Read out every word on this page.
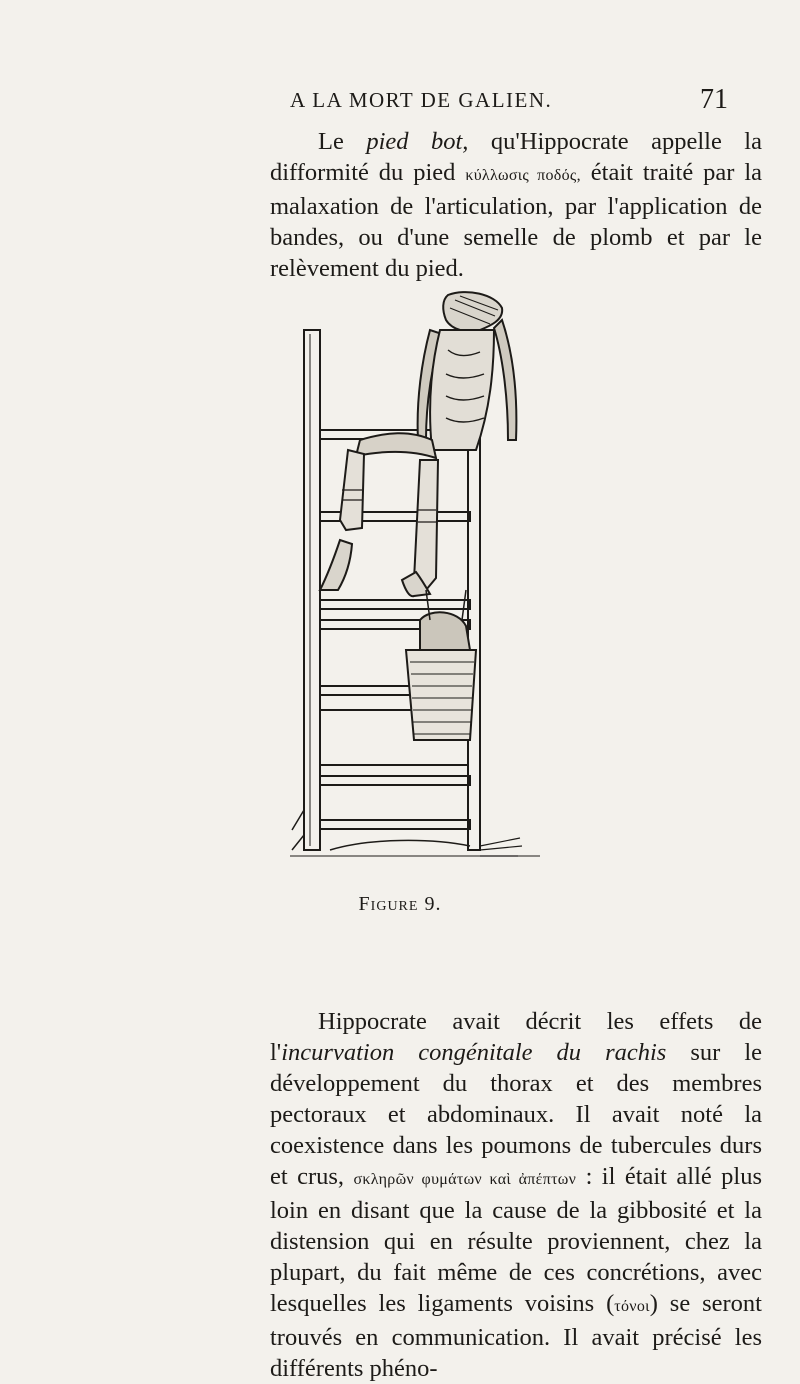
A LA MORT DE GALIEN.	71

Le pied bot, qu'Hippocrate appelle la difformité du pied κύλλωσις ποδός, était traité par la malaxation de l'articulation, par l'application de bandes, ou d'une semelle de plomb et par le relèvement du pied.

Figure 9.

Hippocrate avait décrit les effets de l'incurvation congénitale du rachis sur le développement du thorax et des membres pectoraux et abdominaux. Il avait noté la coexistence dans les poumons de tubercules durs et crus, σκληρῶν φυμάτων καὶ ἀπέπτων : il était allé plus loin en disant que la cause de la gibbosité et la distension qui en résulte proviennent, chez la plupart, du fait même de ces concrétions, avec lesquelles les ligaments voisins (τόνοι) se seront trouvés en communication. Il avait précisé les différents phéno-
